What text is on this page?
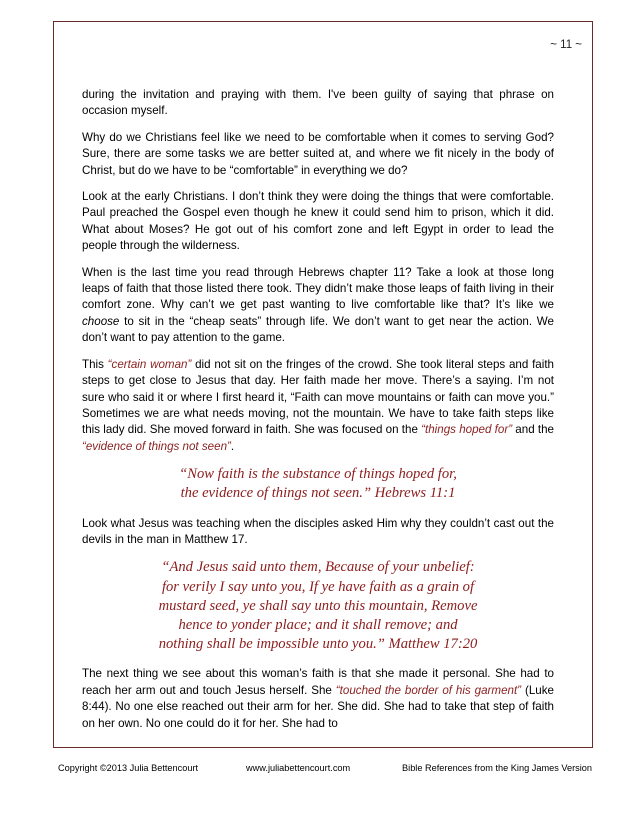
~ 11 ~

during the invitation and praying with them. I've been guilty of saying that phrase on occasion myself.

Why do we Christians feel like we need to be comfortable when it comes to serving God? Sure, there are some tasks we are better suited at, and where we fit nicely in the body of Christ, but do we have to be “comfortable” in everything we do?

Look at the early Christians. I don’t think they were doing the things that were comfortable. Paul preached the Gospel even though he knew it could send him to prison, which it did. What about Moses? He got out of his comfort zone and left Egypt in order to lead the people through the wilderness.

When is the last time you read through Hebrews chapter 11? Take a look at those long leaps of faith that those listed there took. They didn’t make those leaps of faith living in their comfort zone. Why can’t we get past wanting to live comfortable like that? It’s like we choose to sit in the “cheap seats” through life. We don’t want to get near the action. We don’t want to pay attention to the game.

This “certain woman” did not sit on the fringes of the crowd. She took literal steps and faith steps to get close to Jesus that day. Her faith made her move. There’s a saying. I’m not sure who said it or where I first heard it, “Faith can move mountains or faith can move you.” Sometimes we are what needs moving, not the mountain. We have to take faith steps like this lady did. She moved forward in faith. She was focused on the “things hoped for” and the “evidence of things not seen”.

“Now faith is the substance of things hoped for,
the evidence of things not seen.” Hebrews 11:1

Look what Jesus was teaching when the disciples asked Him why they couldn’t cast out the devils in the man in Matthew 17.

“And Jesus said unto them, Because of your unbelief:
for verily I say unto you, If ye have faith as a grain of
mustard seed, ye shall say unto this mountain, Remove
hence to yonder place; and it shall remove; and
nothing shall be impossible unto you.” Matthew 17:20

The next thing we see about this woman’s faith is that she made it personal. She had to reach her arm out and touch Jesus herself. She “touched the border of his garment” (Luke 8:44). No one else reached out their arm for her. She did. She had to take that step of faith on her own. No one could do it for her. She had to

Copyright ©2013 Julia Bettencourt	www.juliabettencourt.com	Bible References from the King James Version
